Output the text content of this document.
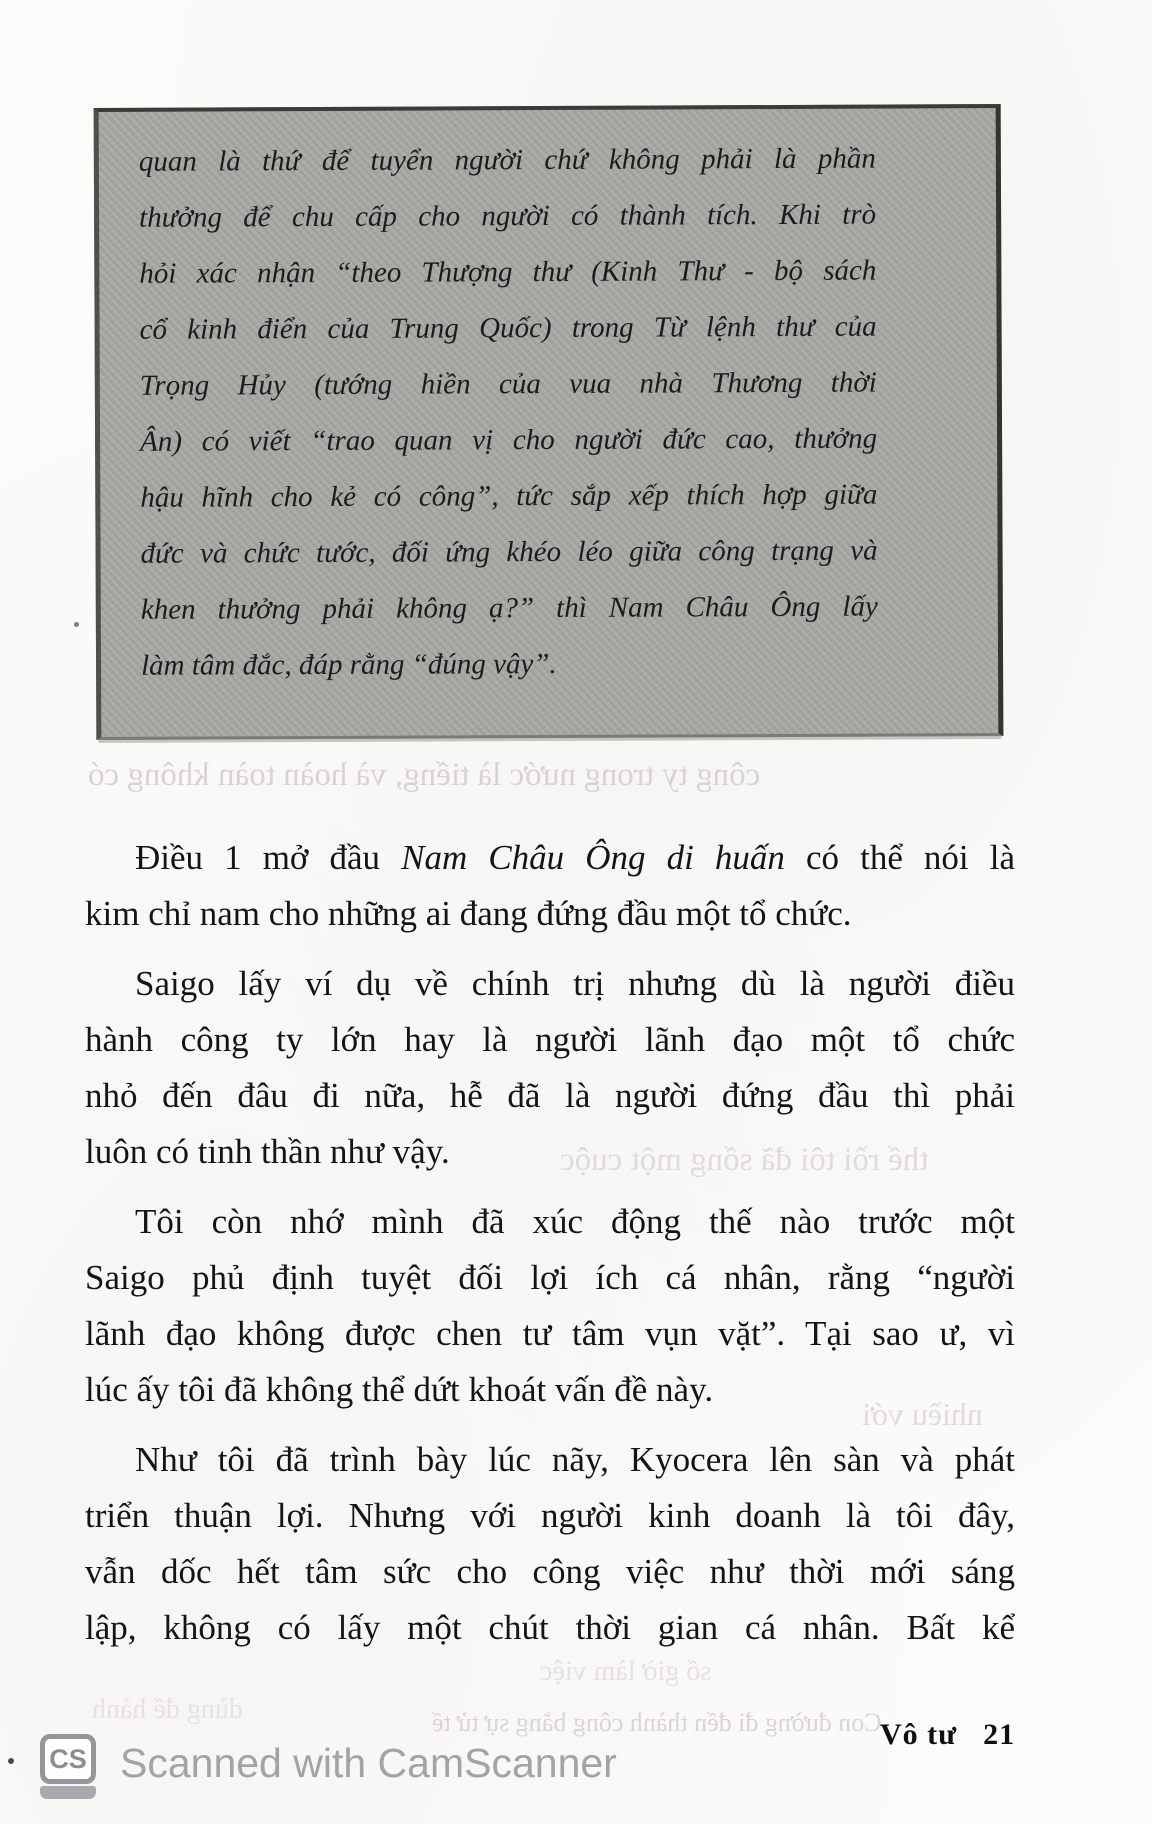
quan là thứ để tuyển người chứ không phải là phần
thưởng để chu cấp cho người có thành tích. Khi trò
hỏi xác nhận “theo Thượng thư (Kinh Thư - bộ sách
cổ kinh điển của Trung Quốc) trong Từ lệnh thư của
Trọng Hủy (tướng hiền của vua nhà Thương thời
Ân) có viết “trao quan vị cho người đức cao, thưởng
hậu hĩnh cho kẻ có công”, tức sắp xếp thích hợp giữa
đức và chức tước, đối ứng khéo léo giữa công trạng và
khen thưởng phải không ạ?” thì Nam Châu Ông lấy
làm tâm đắc, đáp rằng “đúng vậy”.
công ty trong nước là tiếng, và hoàn toàn không có
thế rồi tôi đã sống một cuộc
nhiều với
số giờ làm việc
dùng để hành	Con đường đi đến thành công bằng sự tử tế
Điều 1 mở đầu Nam Châu Ông di huấn có thể nói là
kim chỉ nam cho những ai đang đứng đầu một tổ chức.
Saigo lấy ví dụ về chính trị nhưng dù là người điều
hành công ty lớn hay là người lãnh đạo một tổ chức
nhỏ đến đâu đi nữa, hễ đã là người đứng đầu thì phải
luôn có tinh thần như vậy.
Tôi còn nhớ mình đã xúc động thế nào trước một
Saigo phủ định tuyệt đối lợi ích cá nhân, rằng “người
lãnh đạo không được chen tư tâm vụn vặt”. Tại sao ư, vì
lúc ấy tôi đã không thể dứt khoát vấn đề này.
Như tôi đã trình bày lúc nãy, Kyocera lên sàn và phát
triển thuận lợi. Nhưng với người kinh doanh là tôi đây,
vẫn dốc hết tâm sức cho công việc như thời mới sáng
lập, không có lấy một chút thời gian cá nhân. Bất kể
Vô tư 21
CS Scanned with CamScanner
